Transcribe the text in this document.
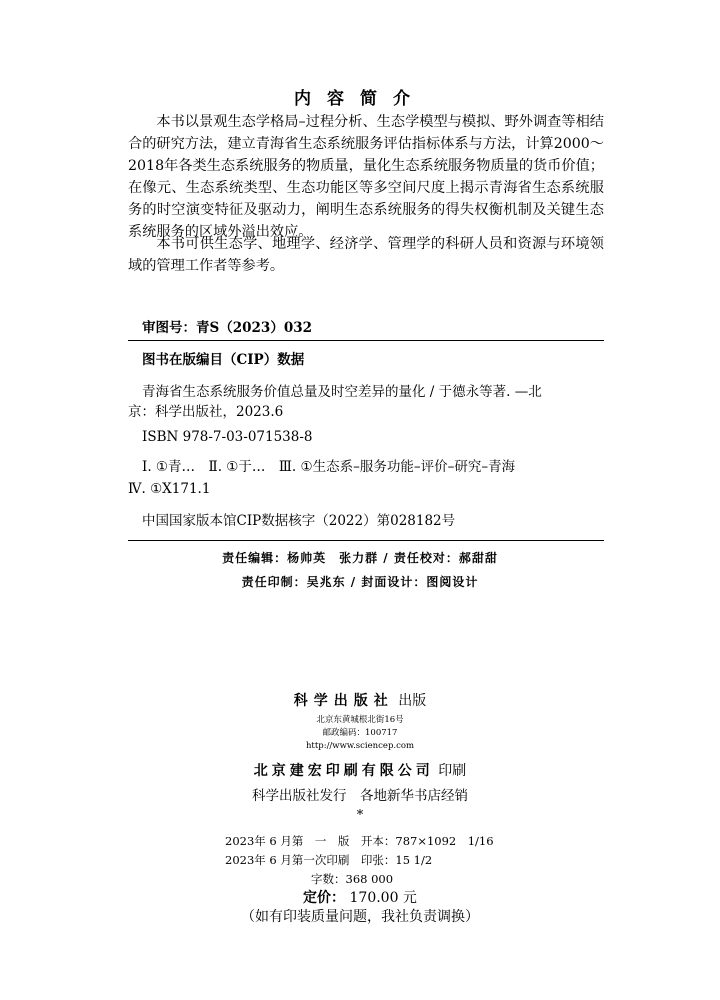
内容简介

本书以景观生态学格局–过程分析、生态学模型与模拟、野外调查等相结合的研究方法，建立青海省生态系统服务评估指标体系与方法，计算2000～2018年各类生态系统服务的物质量，量化生态系统服务物质量的货币价值；在像元、生态系统类型、生态功能区等多空间尺度上揭示青海省生态系统服务的时空演变特征及驱动力，阐明生态系统服务的得失权衡机制及关键生态系统服务的区域外溢出效应。

本书可供生态学、地理学、经济学、管理学的科研人员和资源与环境领域的管理工作者等参考。

审图号：青S（2023）032
图书在版编目（CIP）数据
青海省生态系统服务价值总量及时空差异的量化 / 于德永等著. —北
京：科学出版社，2023.6
ISBN 978-7-03-071538-8
Ⅰ. ①青…　Ⅱ. ①于…　Ⅲ. ①生态系–服务功能–评价–研究–青海
Ⅳ. ①X171.1
中国国家版本馆CIP数据核字（2022）第028182号
责任编辑：杨帅英　张力群 / 责任校对：郝甜甜
责任印制：吴兆东 / 封面设计：图阅设计
科学出版社 出版
北京东黄城根北街16号
邮政编码：100717
http://www.sciencep.com
北京建宏印刷有限公司 印刷
科学出版社发行　各地新华书店经销
*
2023年 6 月第　一　版　开本：787×1092　1/16
2023年 6 月第一次印刷　印张：15 1/2
字数：368 000
定价： 170.00 元
（如有印装质量问题，我社负责调换）
